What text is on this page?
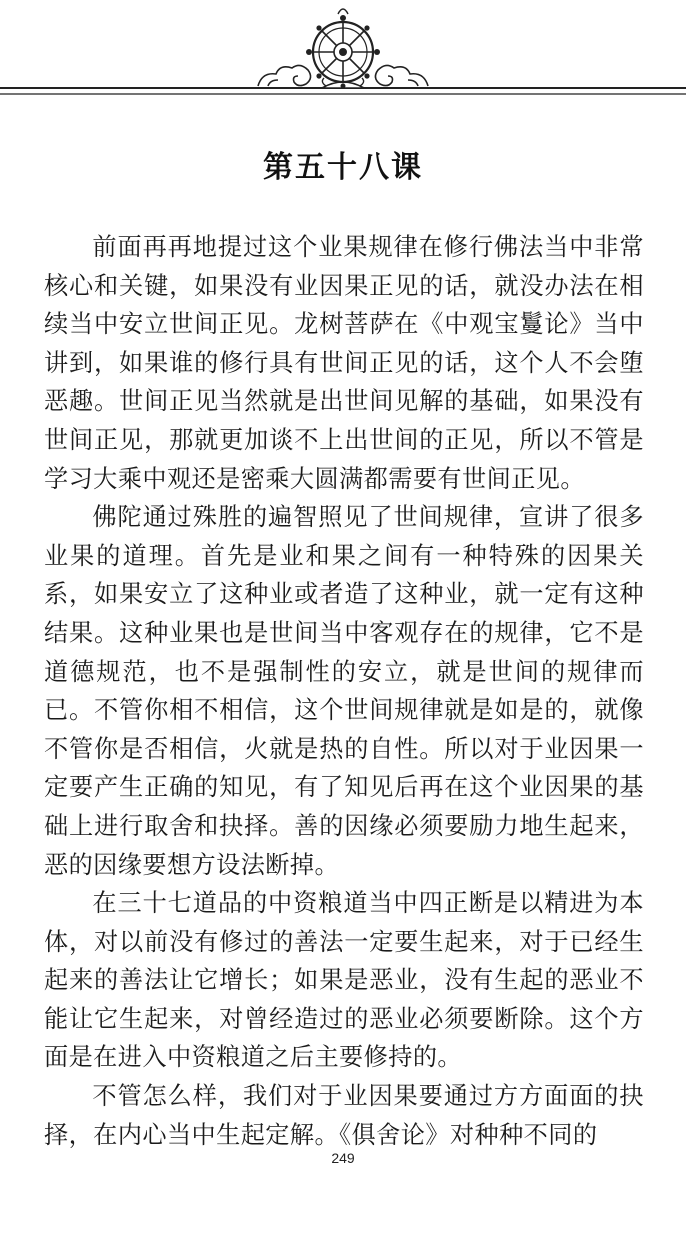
第五十八课

前面再再地提过这个业果规律在修行佛法当中非常核心和关键，如果没有业因果正见的话，就没办法在相续当中安立世间正见。龙树菩萨在《中观宝鬘论》当中讲到，如果谁的修行具有世间正见的话，这个人不会堕恶趣。世间正见当然就是出世间见解的基础，如果没有世间正见，那就更加谈不上出世间的正见，所以不管是学习大乘中观还是密乘大圆满都需要有世间正见。

佛陀通过殊胜的遍智照见了世间规律，宣讲了很多业果的道理。首先是业和果之间有一种特殊的因果关系，如果安立了这种业或者造了这种业，就一定有这种结果。这种业果也是世间当中客观存在的规律，它不是道德规范，也不是强制性的安立，就是世间的规律而已。不管你相不相信，这个世间规律就是如是的，就像不管你是否相信，火就是热的自性。所以对于业因果一定要产生正确的知见，有了知见后再在这个业因果的基础上进行取舍和抉择。善的因缘必须要励力地生起来，恶的因缘要想方设法断掉。

在三十七道品的中资粮道当中四正断是以精进为本体，对以前没有修过的善法一定要生起来，对于已经生起来的善法让它增长；如果是恶业，没有生起的恶业不能让它生起来，对曾经造过的恶业必须要断除。这个方面是在进入中资粮道之后主要修持的。

不管怎么样，我们对于业因果要通过方方面面的抉择，在内心当中生起定解。《俱舍论》对种种不同的

249
